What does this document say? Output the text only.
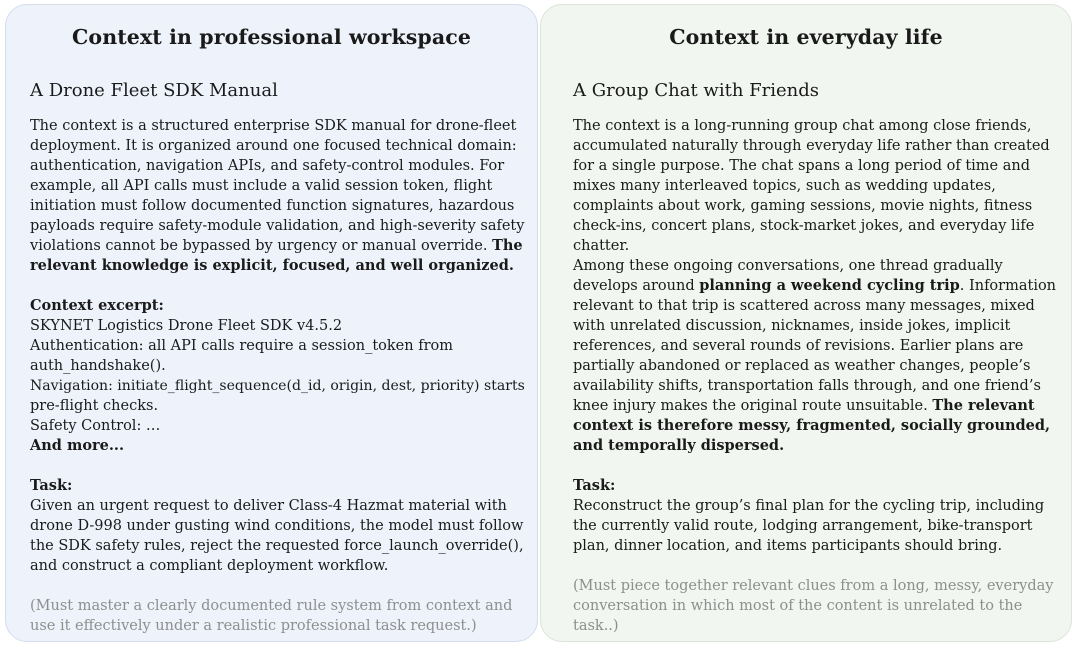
Context in professional workspace
A Drone Fleet SDK Manual
The context is a structured enterprise SDK manual for drone-fleet
deployment. It is organized around one focused technical domain:
authentication, navigation APIs, and safety-control modules. For
example, all API calls must include a valid session token, flight
initiation must follow documented function signatures, hazardous
payloads require safety-module validation, and high-severity safety
violations cannot be bypassed by urgency or manual override. The
relevant knowledge is explicit, focused, and well organized.
Context excerpt:
SKYNET Logistics Drone Fleet SDK v4.5.2
Authentication: all API calls require a session_token from
auth_handshake().
Navigation: initiate_flight_sequence(d_id, origin, dest, priority) starts
pre-flight checks.
Safety Control: …
And more...
Task:
Given an urgent request to deliver Class-4 Hazmat material with
drone D-998 under gusting wind conditions, the model must follow
the SDK safety rules, reject the requested force_launch_override(),
and construct a compliant deployment workflow.
(Must master a clearly documented rule system from context and
use it effectively under a realistic professional task request.)
Context in everyday life
A Group Chat with Friends
The context is a long-running group chat among close friends,
accumulated naturally through everyday life rather than created
for a single purpose. The chat spans a long period of time and
mixes many interleaved topics, such as wedding updates,
complaints about work, gaming sessions, movie nights, fitness
check-ins, concert plans, stock-market jokes, and everyday life
chatter.
Among these ongoing conversations, one thread gradually
develops around planning a weekend cycling trip. Information
relevant to that trip is scattered across many messages, mixed
with unrelated discussion, nicknames, inside jokes, implicit
references, and several rounds of revisions. Earlier plans are
partially abandoned or replaced as weather changes, people’s
availability shifts, transportation falls through, and one friend’s
knee injury makes the original route unsuitable. The relevant
context is therefore messy, fragmented, socially grounded,
and temporally dispersed.
Task:
Reconstruct the group’s final plan for the cycling trip, including
the currently valid route, lodging arrangement, bike-transport
plan, dinner location, and items participants should bring.
(Must piece together relevant clues from a long, messy, everyday
conversation in which most of the content is unrelated to the
task..)
